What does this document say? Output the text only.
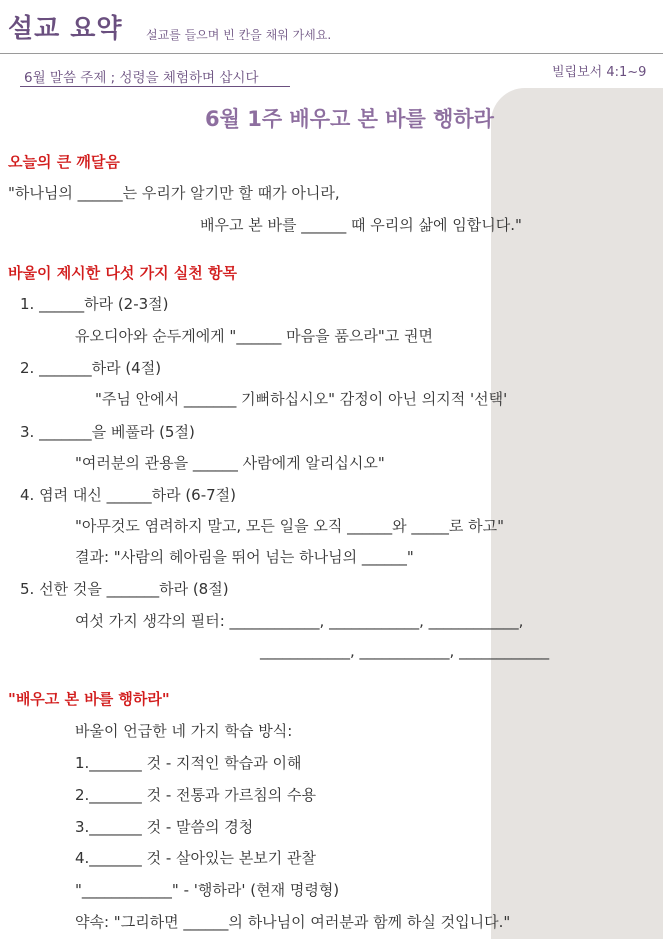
설교 요약 설교를 들으며 빈 칸을 채워 가세요.
6월 말씀 주제 ; 성령을 체험하며 삽시다	빌립보서 4:1~9
6월 1주 배우고 본 바를 행하라
오늘의 큰 깨달음
"하나님의 ______는 우리가 알기만 할 때가 아니라,
배우고 본 바를 ______ 때 우리의 삶에 임합니다."
바울이 제시한 다섯 가지 실천 항목
1. ______하라 (2-3절)
유오디아와 순두게에게 "______ 마음을 품으라"고 권면
2. _______하라 (4절)
"주님 안에서 _______ 기뻐하십시오" 감정이 아닌 의지적 '선택'
3. _______을 베풀라 (5절)
"여러분의 관용을 ______ 사람에게 알리십시오"
4. 염려 대신 ______하라 (6-7절)
"아무것도 염려하지 말고, 모든 일을 오직 ______와 _____로 하고"
결과: "사람의 헤아림을 뛰어 넘는 하나님의 ______"
5. 선한 것을 _______하라 (8절)
여섯 가지 생각의 필터: ____________, ____________, ____________,
____________, ____________, ____________
"배우고 본 바를 행하라"
바울이 언급한 네 가지 학습 방식:
1._______ 것 - 지적인 학습과 이해
2._______ 것 - 전통과 가르침의 수용
3._______ 것 - 말씀의 경청
4._______ 것 - 살아있는 본보기 관찰
"____________" - '행하라' (현재 명령형)
약속: "그리하면 ______의 하나님이 여러분과 함께 하실 것입니다."
